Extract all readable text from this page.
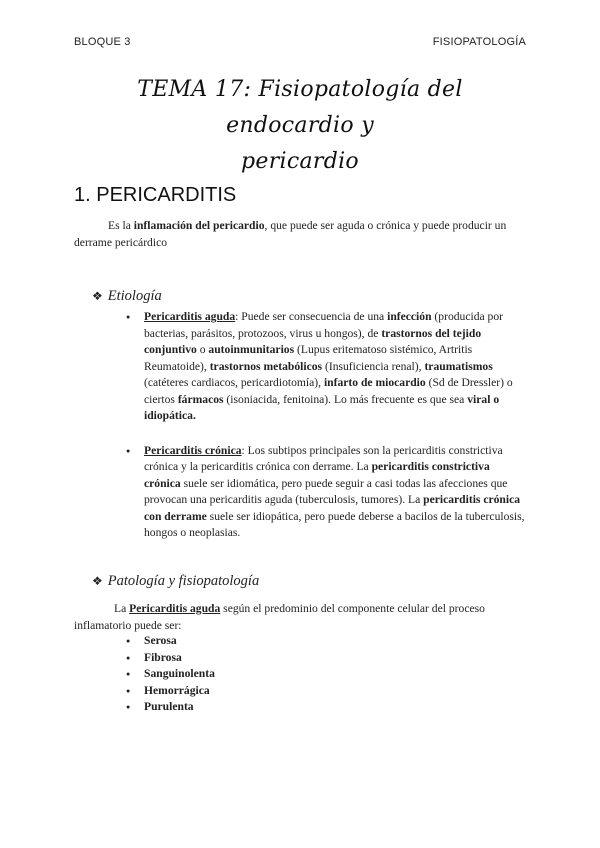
BLOQUE 3	FISIOPATOLOGÍA
TEMA 17: Fisiopatología del endocardio y
pericardio
1. PERICARDITIS
Es la inflamación del pericardio, que puede ser aguda o crónica y puede producir un derrame pericárdico
❖ Etiología
● Pericarditis aguda: Puede ser consecuencia de una infección (producida por bacterias, parásitos, protozoos, virus u hongos), de trastornos del tejido conjuntivo o autoinmunitarios (Lupus eritematoso sistémico, Artritis Reumatoide), trastornos metabólicos (Insuficiencia renal), traumatismos (catéteres cardiacos, pericardiotomía), infarto de miocardio (Sd de Dressler) o ciertos fármacos (isoniacida, fenitoina). Lo más frecuente es que sea viral o idiopática.
● Pericarditis crónica: Los subtipos principales son la pericarditis constrictiva crónica y la pericarditis crónica con derrame. La pericarditis constrictiva crónica suele ser idiomática, pero puede seguir a casi todas las afecciones que provocan una pericarditis aguda (tuberculosis, tumores). La pericarditis crónica con derrame suele ser idiopática, pero puede deberse a bacilos de la tuberculosis, hongos o neoplasias.
❖ Patología y fisiopatología
La Pericarditis aguda según el predominio del componente celular del proceso inflamatorio puede ser:
● Serosa
● Fibrosa
● Sanguinolenta
● Hemorrágica
● Purulenta
